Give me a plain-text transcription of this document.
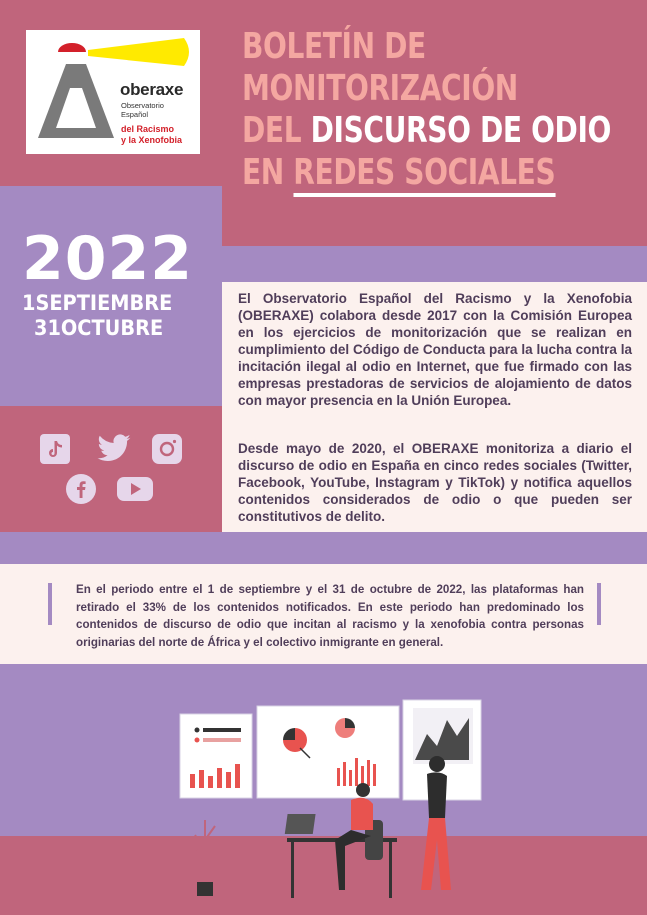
oberaxe
Observatorio
Español
del Racismo
y la Xenofobia
BOLETÍN DE
MONITORIZACIÓN
DEL DISCURSO DE ODIO
EN REDES SOCIALES
2022
1SEPTIEMBRE
31OCTUBRE
El Observatorio Español del Racismo y la Xenofobia (OBERAXE) colabora desde 2017 con la Comisión Europea en los ejercicios de monitorización que se realizan en cumplimiento del Código de Conducta para la lucha contra la incitación ilegal al odio en Internet, que fue firmado con las empresas prestadoras de servicios de alojamiento de datos con mayor presencia en la Unión Europea.
Desde mayo de 2020, el OBERAXE monitoriza a diario el discurso de odio en España en cinco redes sociales (Twitter, Facebook, YouTube, Instagram y TikTok) y notifica aquellos contenidos considerados de odio o que pueden ser constitutivos de delito.
En el periodo entre el 1 de septiembre y el 31 de octubre de 2022, las plataformas han retirado el 33% de los contenidos notificados. En este periodo han predominado los contenidos de discurso de odio que incitan al racismo y la xenofobia contra personas originarias del norte de África y el colectivo inmigrante en general.
